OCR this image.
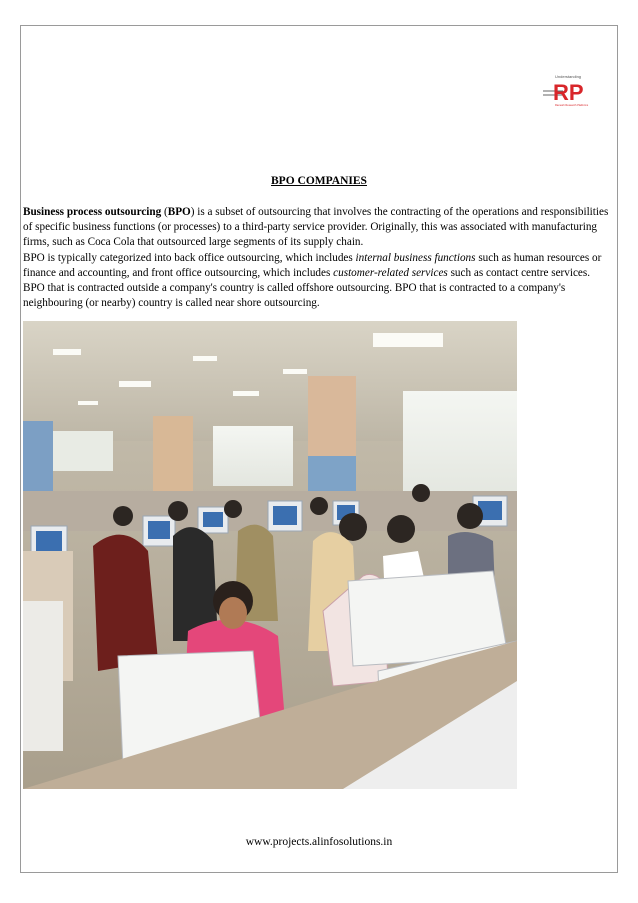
Understanding
RP
Ramesh Research Platforms
BPO COMPANIES

Business process outsourcing (BPO) is a subset of outsourcing that involves the contracting of the operations and responsibilities of specific business functions (or processes) to a third-party service provider. Originally, this was associated with manufacturing firms, such as Coca Cola that outsourced large segments of its supply chain.

BPO is typically categorized into back office outsourcing, which includes internal business functions such as human resources or finance and accounting, and front office outsourcing, which includes customer-related services such as contact centre services.

BPO that is contracted outside a company's country is called offshore outsourcing. BPO that is contracted to a company's neighbouring (or nearby) country is called near shore outsourcing.

www.projects.alinfosolutions.in
